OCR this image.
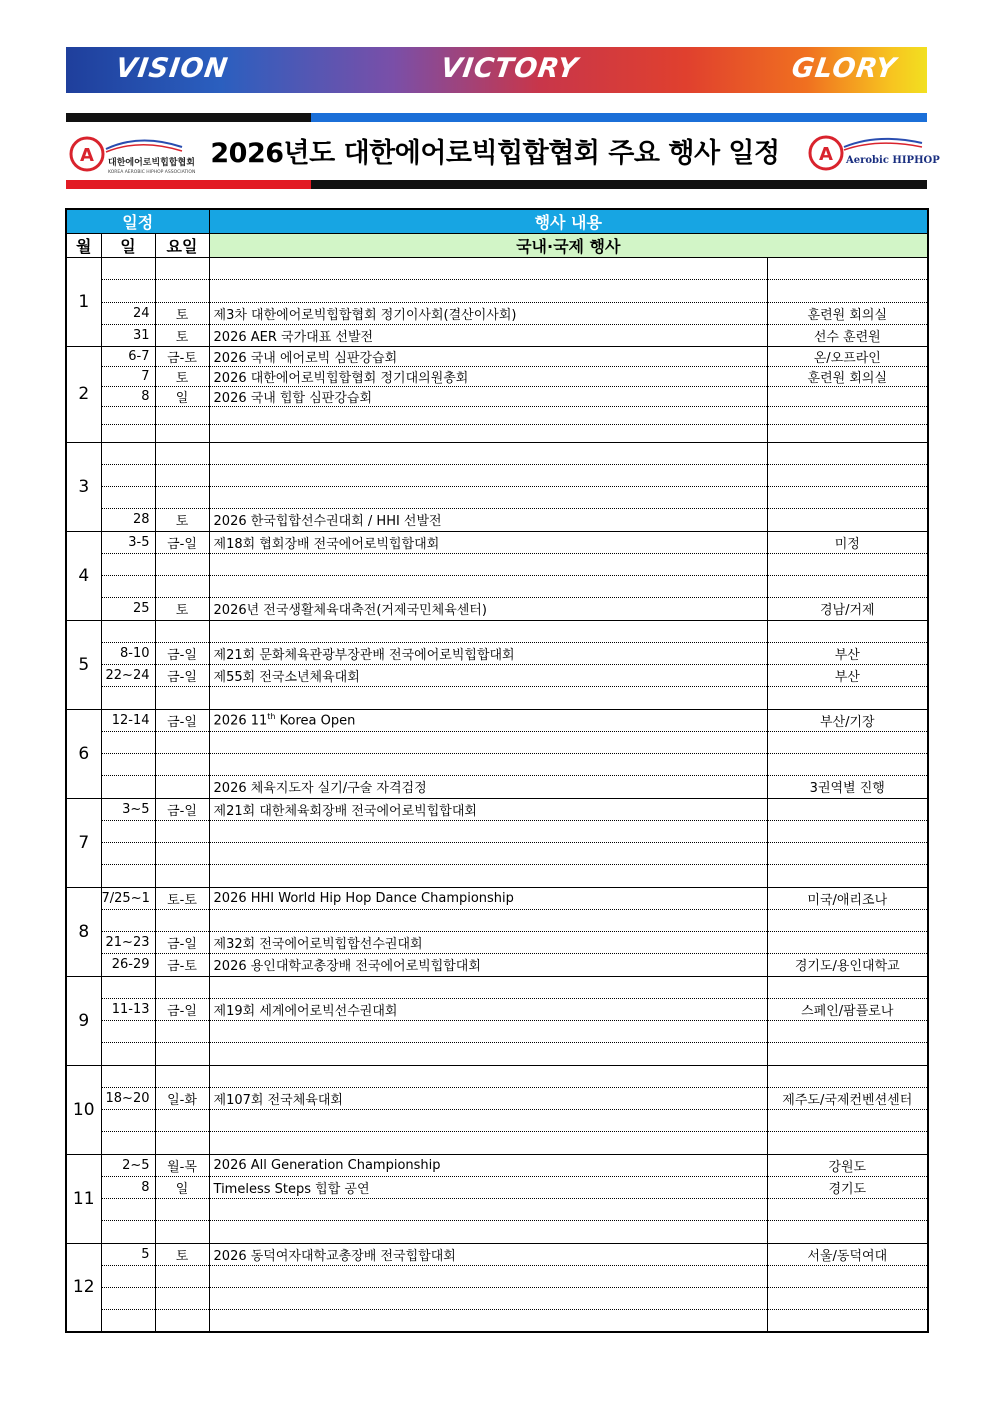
VISION	VICTORY	GLORY
A 대한에어로빅힙합협회
KOREA AEROBIC HIPHOP ASSOCIATION
2026년도 대한에어로빅힙합협회 주요 행사 일정	A Aerobic HIPHOP
일정			행사 내용	
월	일	요일	국내·국제 행사	
1				

	24	토	제3차 대한에어로빅힙합협회 정기이사회(결산이사회)	훈련원 회의실
	31	토	2026 AER 국가대표 선발전	선수 훈련원
2	6-7	금-토	2026 국내 에어로빅 심판강습회	온/오프라인
	7	토	2026 대한에어로빅힙합협회 정기대의원총회	훈련원 회의실
	8	일	2026 국내 힙합 심판강습회	

3				

	28	토	2026 한국힙합선수권대회 / HHI 선발전	
4	3-5	금-일	제18회 협회장배 전국에어로빅힙합대회	미정

	25	토	2026년 전국생활체육대축전(거제국민체육센터)	경남/거제
5				
	8-10	금-일	제21회 문화체육관광부장관배 전국에어로빅힙합대회	부산
	22~24	금-일	제55회 전국소년체육대회	부산

6	12-14	금-일	2026 11th Korea Open	부산/기장

			2026 체육지도자 실기/구술 자격검정	3권역별 진행
7	3~5	금-일	제21회 대한체육회장배 전국에어로빅힙합대회	

8	7/25~1	토-토	2026 HHI World Hip Hop Dance Championship	미국/애리조나

	21~23	금-일	제32회 전국에어로빅힙합선수권대회	
	26-29	금-토	2026 용인대학교총장배 전국에어로빅힙합대회	경기도/용인대학교
9				
	11-13	금-일	제19회 세계에어로빅선수권대회	스페인/팜플로나

10				
	18~20	일-화	제107회 전국체육대회	제주도/국제컨벤션센터

11	2~5	월-목	2026 All Generation Championship	강원도
	8	일	Timeless Steps 힙합 공연	경기도

12	5	토	2026 동덕여자대학교총장배 전국힙합대회	서울/동덕여대
